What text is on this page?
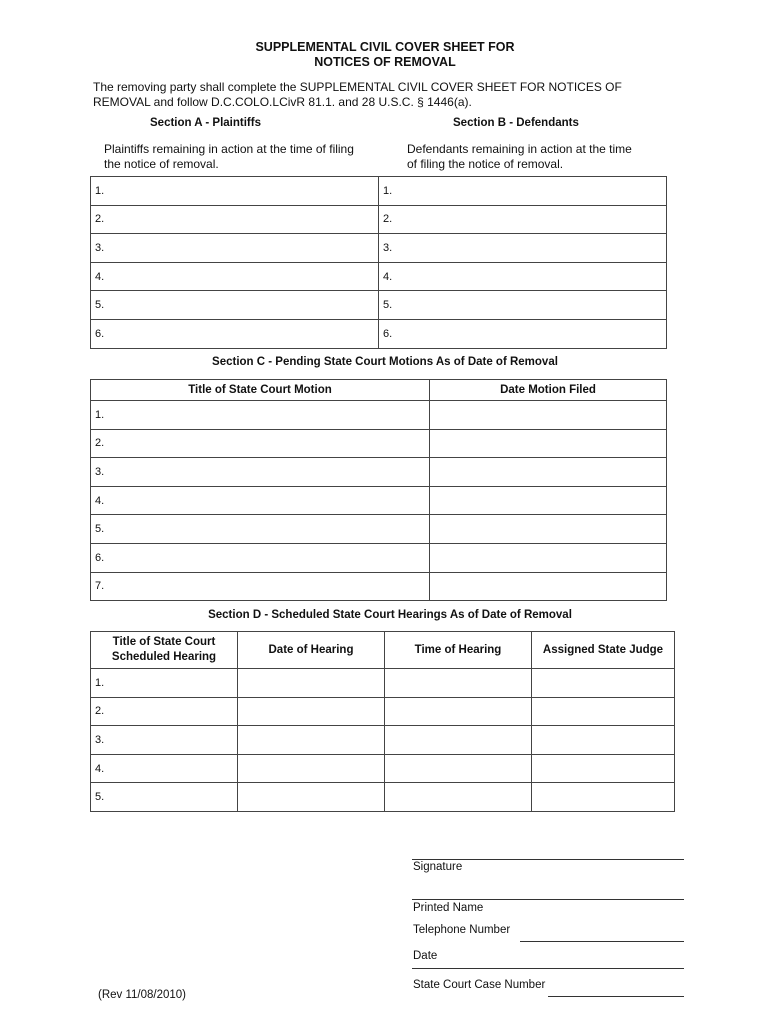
SUPPLEMENTAL CIVIL COVER SHEET FOR
NOTICES OF REMOVAL
The removing party shall complete the SUPPLEMENTAL CIVIL COVER SHEET FOR NOTICES OF
REMOVAL and follow D.C.COLO.LCivR 81.1. and 28 U.S.C. § 1446(a).
Section A - Plaintiffs	Section B - Defendants
Plaintiffs remaining in action at the time of filing
the notice of removal.
Defendants remaining in action at the time
of filing the notice of removal.
1.	1.
2.	2.
3.	3.
4.	4.
5.	5.
6.	6.
Section C - Pending State Court Motions As of Date of Removal
Title of State Court Motion	Date Motion Filed
1.	
2.	
3.	
4.	
5.	
6.	
7.	
Section D - Scheduled State Court Hearings As of Date of Removal
Title of State Court
Scheduled Hearing	Date of Hearing	Time of Hearing	Assigned State Judge
1.			
2.			
3.			
4.			
5.			
Signature
Printed Name
Telephone Number
Date
State Court Case Number
(Rev 11/08/2010)
